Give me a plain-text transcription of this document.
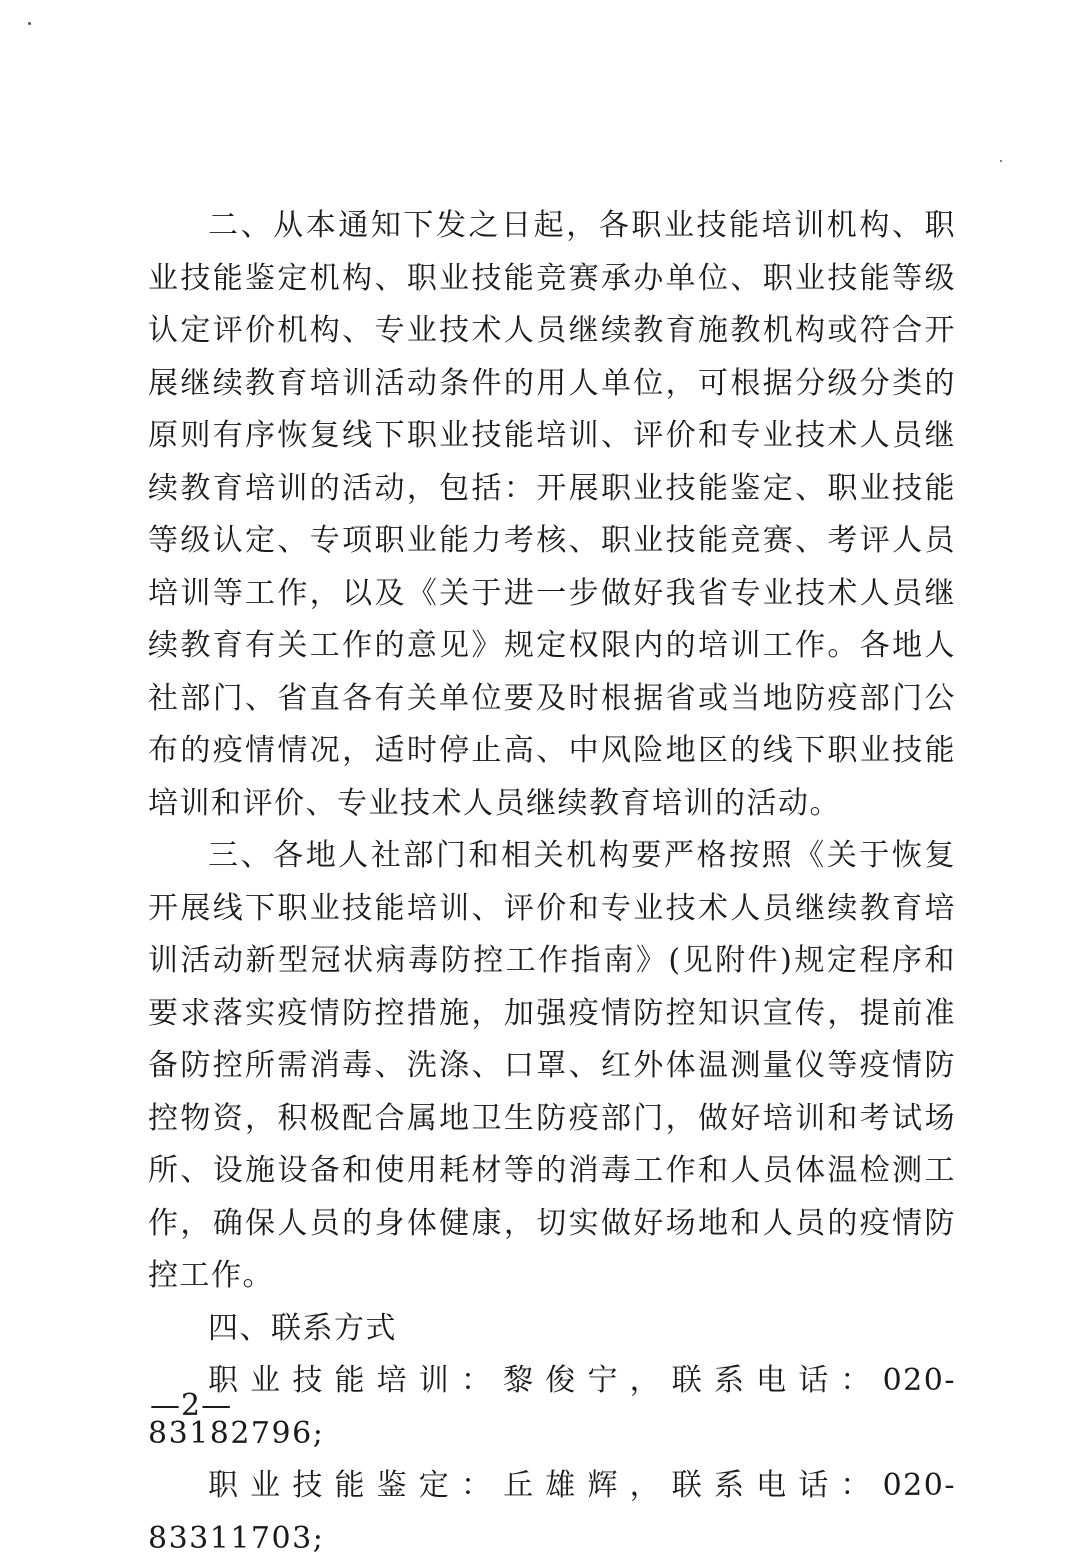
二、从本通知下发之日起，各职业技能培训机构、职业技能鉴定机构、职业技能竞赛承办单位、职业技能等级认定评价机构、专业技术人员继续教育施教机构或符合开展继续教育培训活动条件的用人单位，可根据分级分类的原则有序恢复线下职业技能培训、评价和专业技术人员继续教育培训的活动，包括：开展职业技能鉴定、职业技能等级认定、专项职业能力考核、职业技能竞赛、考评人员培训等工作，以及《关于进一步做好我省专业技术人员继续教育有关工作的意见》规定权限内的培训工作。各地人社部门、省直各有关单位要及时根据省或当地防疫部门公布的疫情情况，适时停止高、中风险地区的线下职业技能培训和评价、专业技术人员继续教育培训的活动。

三、各地人社部门和相关机构要严格按照《关于恢复开展线下职业技能培训、评价和专业技术人员继续教育培训活动新型冠状病毒防控工作指南》(见附件)规定程序和要求落实疫情防控措施，加强疫情防控知识宣传，提前准备防控所需消毒、洗涤、口罩、红外体温测量仪等疫情防控物资，积极配合属地卫生防疫部门，做好培训和考试场所、设施设备和使用耗材等的消毒工作和人员体温检测工作，确保人员的身体健康，切实做好场地和人员的疫情防控工作。

四、联系方式

职业技能培训：黎俊宁，联系电话：020-83182796;

职业技能鉴定：丘雄辉，联系电话：020-83311703;

—2—
